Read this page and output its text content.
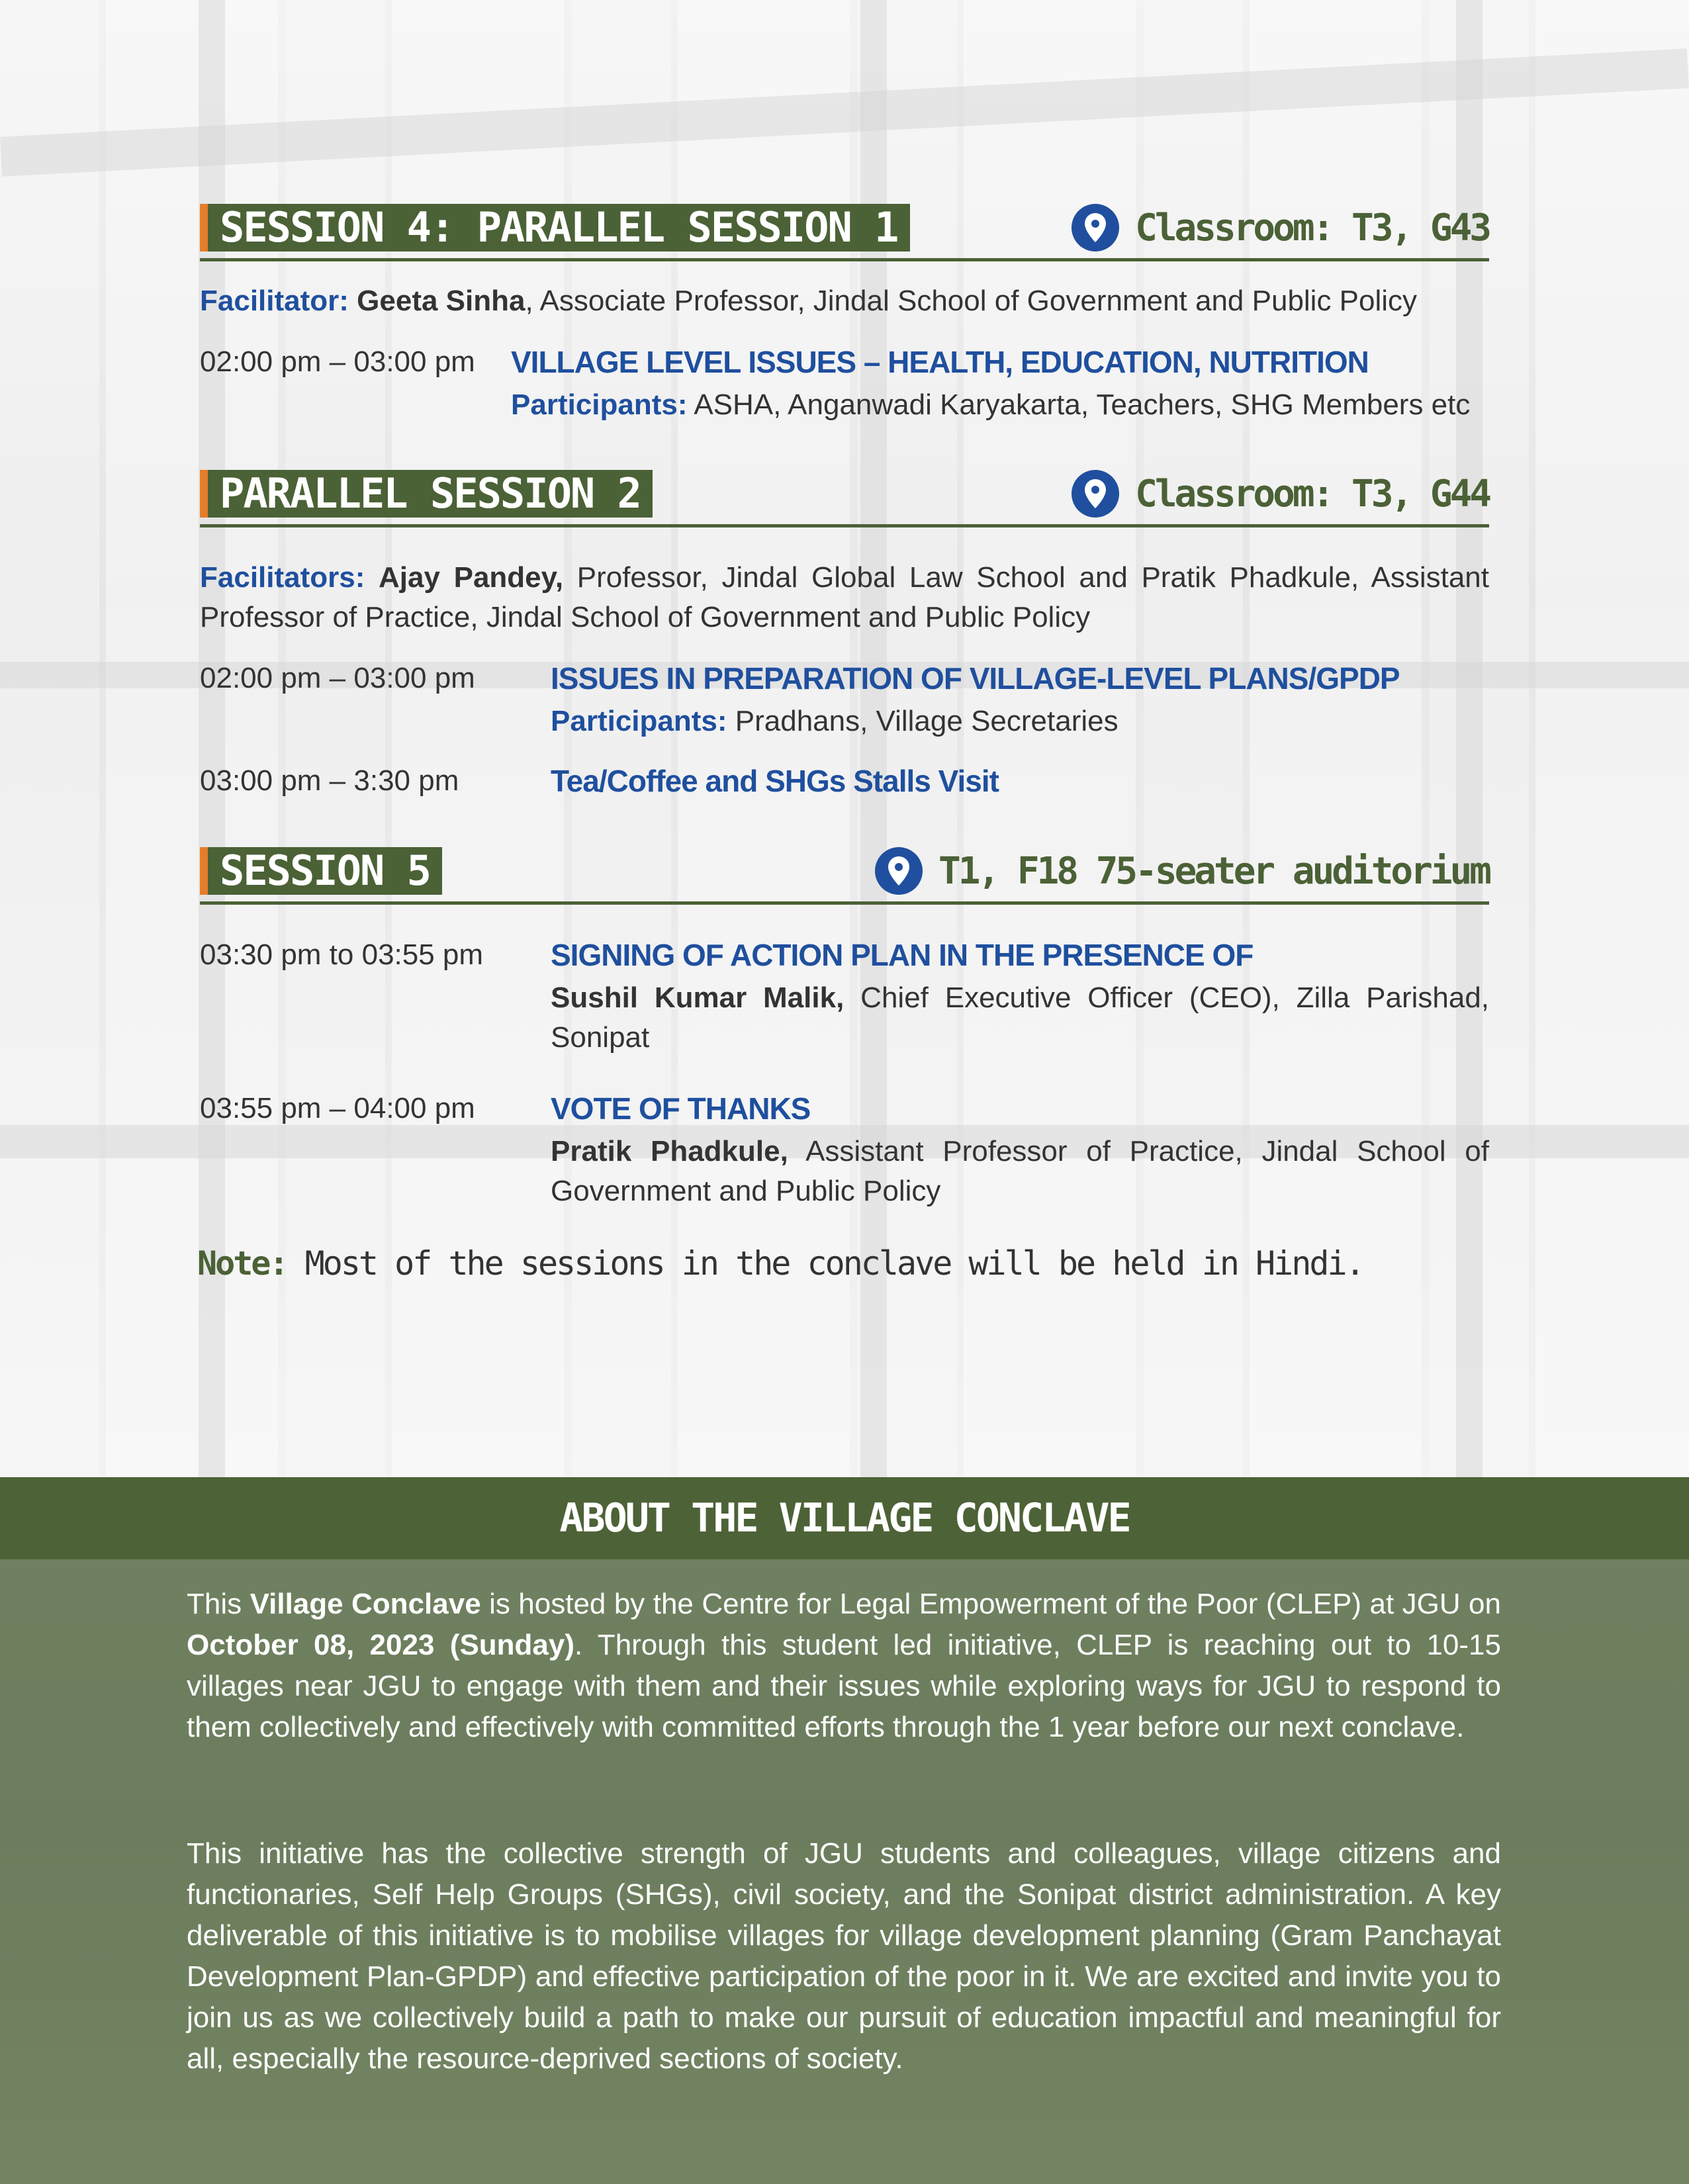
SESSION 4: PARALLEL SESSION 1	Classroom: T3, G43
Facilitator: Geeta Sinha, Associate Professor, Jindal School of Government and Public Policy
02:00 pm – 03:00 pm VILLAGE LEVEL ISSUES – HEALTH, EDUCATION, NUTRITION
Participants: ASHA, Anganwadi Karyakarta, Teachers, SHG Members etc
PARALLEL SESSION 2	Classroom: T3, G44
Facilitators: Ajay Pandey, Professor, Jindal Global Law School and Pratik Phadkule, Assistant Professor of Practice, Jindal School of Government and Public Policy
02:00 pm – 03:00 pm ISSUES IN PREPARATION OF VILLAGE-LEVEL PLANS/GPDP
Participants: Pradhans, Village Secretaries
03:00 pm – 3:30 pm	Tea/Coffee and SHGs Stalls Visit
SESSION 5	T1, F18 75-seater auditorium
03:30 pm to 03:55 pm SIGNING OF ACTION PLAN IN THE PRESENCE OF
Sushil Kumar Malik, Chief Executive Officer (CEO), Zilla Parishad, Sonipat
03:55 pm – 04:00 pm VOTE OF THANKS
Pratik Phadkule, Assistant Professor of Practice, Jindal School of Government and Public Policy
Note: Most of the sessions in the conclave will be held in Hindi.
ABOUT THE VILLAGE CONCLAVE
This Village Conclave is hosted by the Centre for Legal Empowerment of the Poor (CLEP) at JGU on October 08, 2023 (Sunday). Through this student led initiative, CLEP is reaching out to 10-15 villages near JGU to engage with them and their issues while exploring ways for JGU to respond to them collectively and effectively with committed efforts through the 1 year before our next conclave.
This initiative has the collective strength of JGU students and colleagues, village citizens and functionaries, Self Help Groups (SHGs), civil society, and the Sonipat district administration. A key deliverable of this initiative is to mobilise villages for village development planning (Gram Panchayat Development Plan-GPDP) and effective participation of the poor in it. We are excited and invite you to join us as we collectively build a path to make our pursuit of education impactful and meaningful for all, especially the resource-deprived sections of society.
